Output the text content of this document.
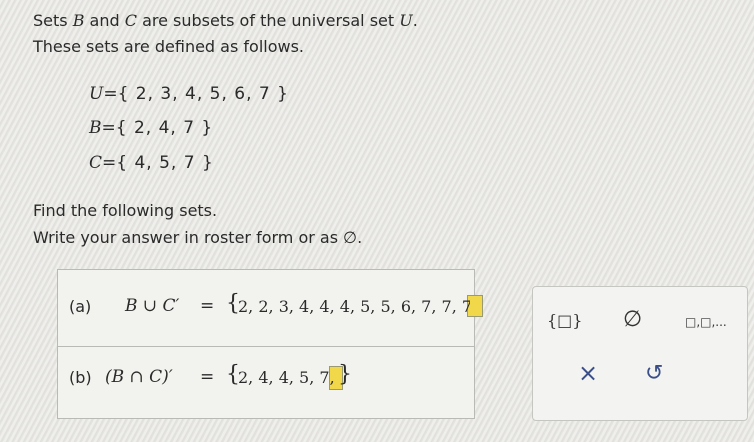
Sets B and C are subsets of the universal set U.
These sets are defined as follows.
U={ 2, 3, 4, 5, 6, 7 }
B={ 2, 4, 7 }
C={ 4, 5, 7 }
Find the following sets.
Write your answer in roster form or as ∅.
(a) B ∪ C′ = {
2, 2, 3, 4, 4, 4, 5, 5, 6, 7, 7, 7
(b) (B ∩ C)′ = {
2, 4, 4, 5, 7, 7	}
{□} ∅	□,□,...
× ↺
